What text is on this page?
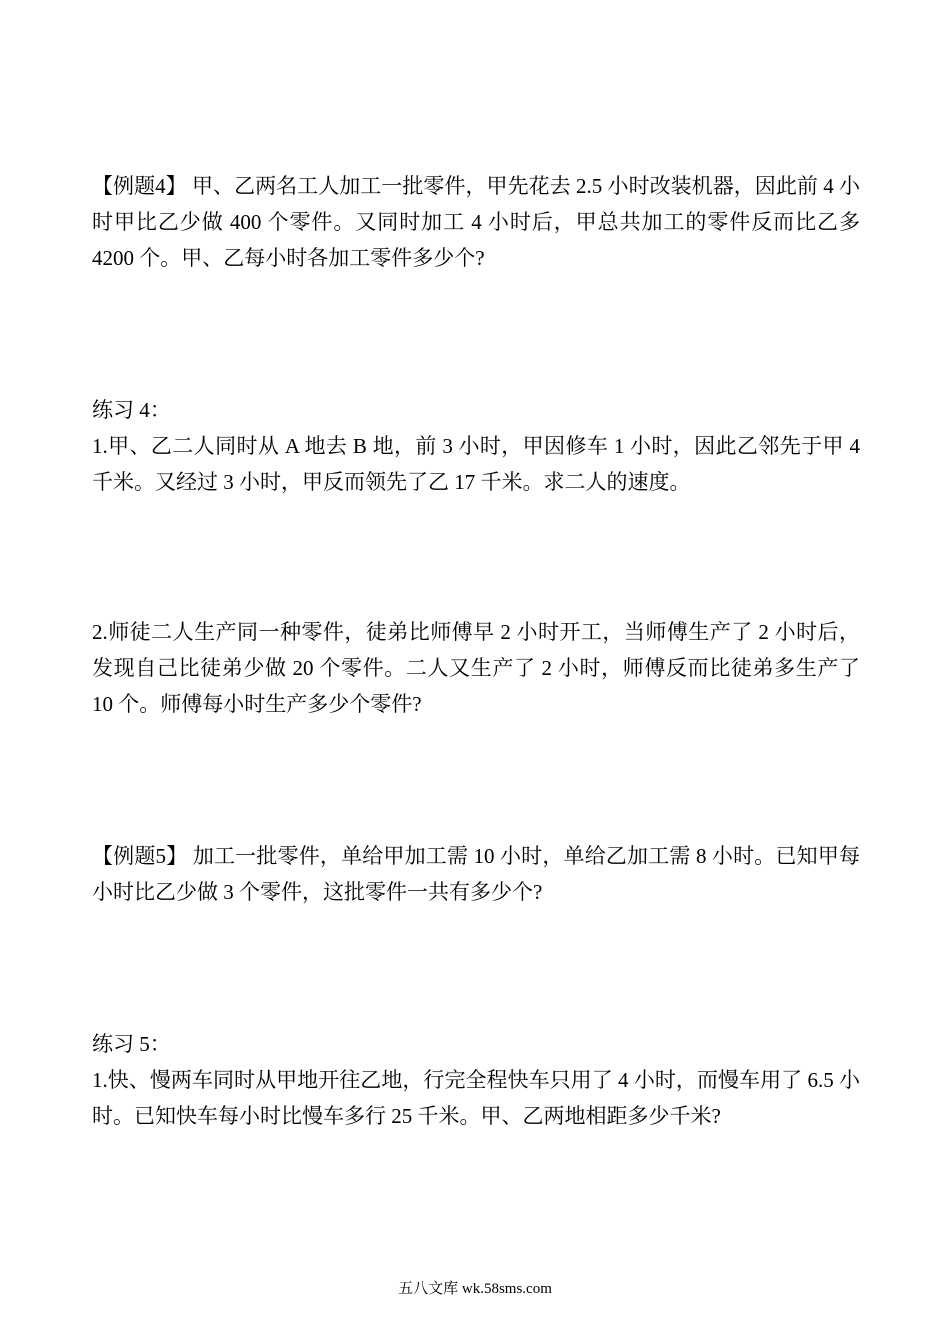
【例题4】 甲、乙两名工人加工一批零件，甲先花去 2.5 小时改装机器，因此前 4 小时甲比乙少做 400 个零件。又同时加工 4 小时后，甲总共加工的零件反而比乙多 4200 个。甲、乙每小时各加工零件多少个?

练习 4：

1.甲、乙二人同时从 A 地去 B 地，前 3 小时，甲因修车 1 小时，因此乙邻先于甲 4 千米。又经过 3 小时，甲反而领先了乙 17 千米。求二人的速度。

2.师徒二人生产同一种零件，徒弟比师傅早 2 小时开工，当师傅生产了 2 小时后，发现自己比徒弟少做 20 个零件。二人又生产了 2 小时，师傅反而比徒弟多生产了 10 个。师傅每小时生产多少个零件?

【例题5】 加工一批零件，单给甲加工需 10 小时，单给乙加工需 8 小时。已知甲每小时比乙少做 3 个零件，这批零件一共有多少个?

练习 5：

1.快、慢两车同时从甲地开往乙地，行完全程快车只用了 4 小时，而慢车用了 6.5 小时。已知快车每小时比慢车多行 25 千米。甲、乙两地相距多少千米?

五八文库 wk.58sms.com
